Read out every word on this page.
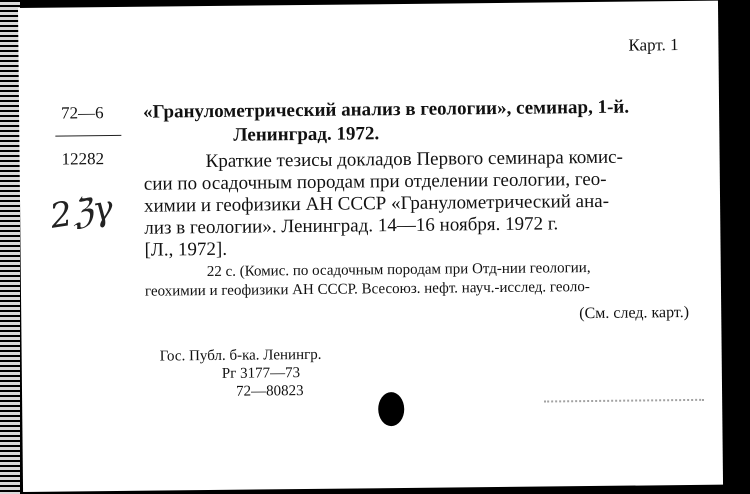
Карт. 1
72—6
12282
2ℨγ
«Гранулометрический анализ в геологии», семинар, 1-й.
Ленинград. 1972.
Краткие тезисы докладов Первого семинара комис-
сии по осадочным породам при отделении геологии, гео-
химии и геофизики АН СССР «Гранулометрический ана-
лиз в геологии». Ленинград. 14—16 ноября. 1972 г.
[Л., 1972].
22 с. (Комис. по осадочным породам при Отд-нии геологии,
геохимии и геофизики АН СССР. Всесоюз. нефт. науч.-исслед. геоло-
(См. след. карт.)
Гос. Публ. б-ка. Ленингр.
Рг 3177—73
72—80823
